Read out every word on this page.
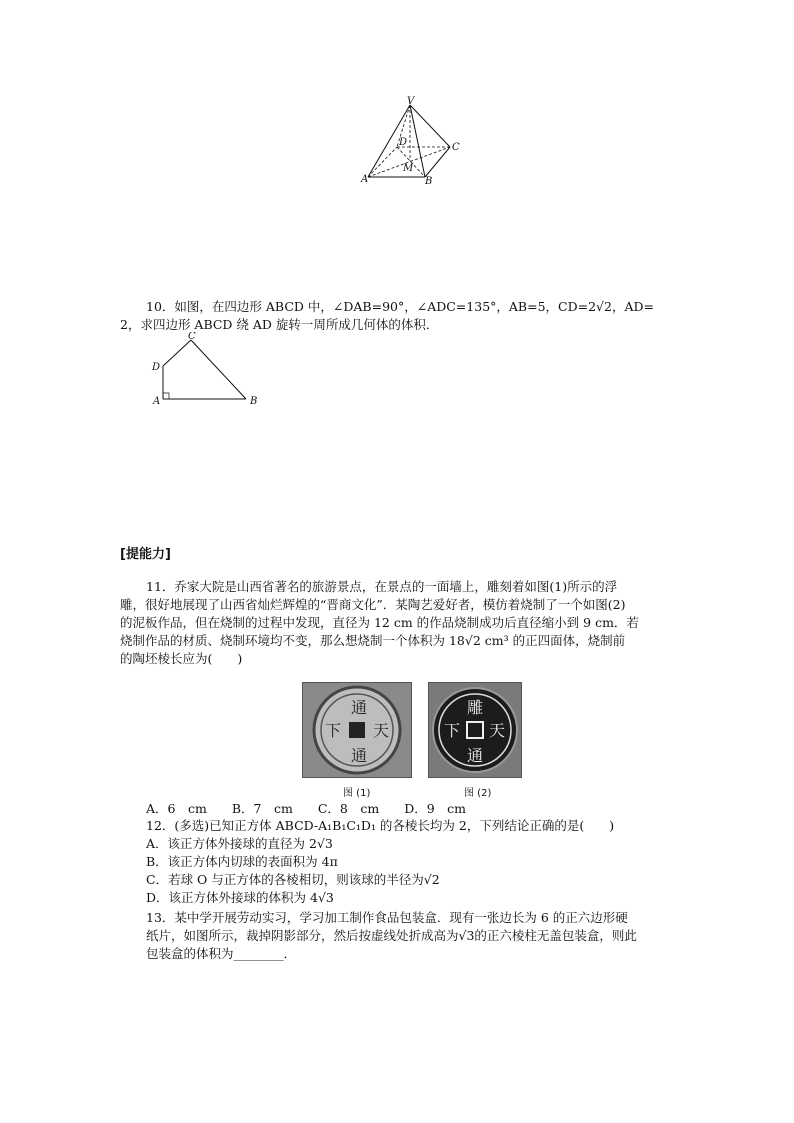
V
D	C
M
A	B
10．如图，在四边形 ABCD 中，∠DAB=90°，∠ADC=135°，AB=5，CD=2√2，AD=
2，求四边形 ABCD 绕 AD 旋转一周所成几何体的体积．
C
D
A	B
[提能力]
11．乔家大院是山西省著名的旅游景点，在景点的一面墙上，雕刻着如图(1)所示的浮
雕，很好地展现了山西省灿烂辉煌的“晋商文化”．某陶艺爱好者，模仿着烧制了一个如图(2)
的泥板作品，但在烧制的过程中发现，直径为 12 cm 的作品烧制成功后直径缩小到 9 cm．若
烧制作品的材质、烧制环境均不变，那么想烧制一个体积为 18√2 cm³ 的正四面体，烧制前
的陶坯棱长应为(　　)
通
下 天
通
图 (1)
雕
下 天
通
图 (2)
A．6　cm　　B．7　cm　　C．8　cm　　D．9　cm
12．(多选)已知正方体 ABCD-A₁B₁C₁D₁ 的各棱长均为 2，下列结论正确的是(　　)
A．该正方体外接球的直径为 2√3
B．该正方体内切球的表面积为 4π
C．若球 O 与正方体的各棱相切，则该球的半径为√2
D．该正方体外接球的体积为 4√3
13．某中学开展劳动实习，学习加工制作食品包装盒．现有一张边长为 6 的正六边形硬
纸片，如图所示，裁掉阴影部分，然后按虚线处折成高为√3的正六棱柱无盖包装盒，则此
包装盒的体积为________．
